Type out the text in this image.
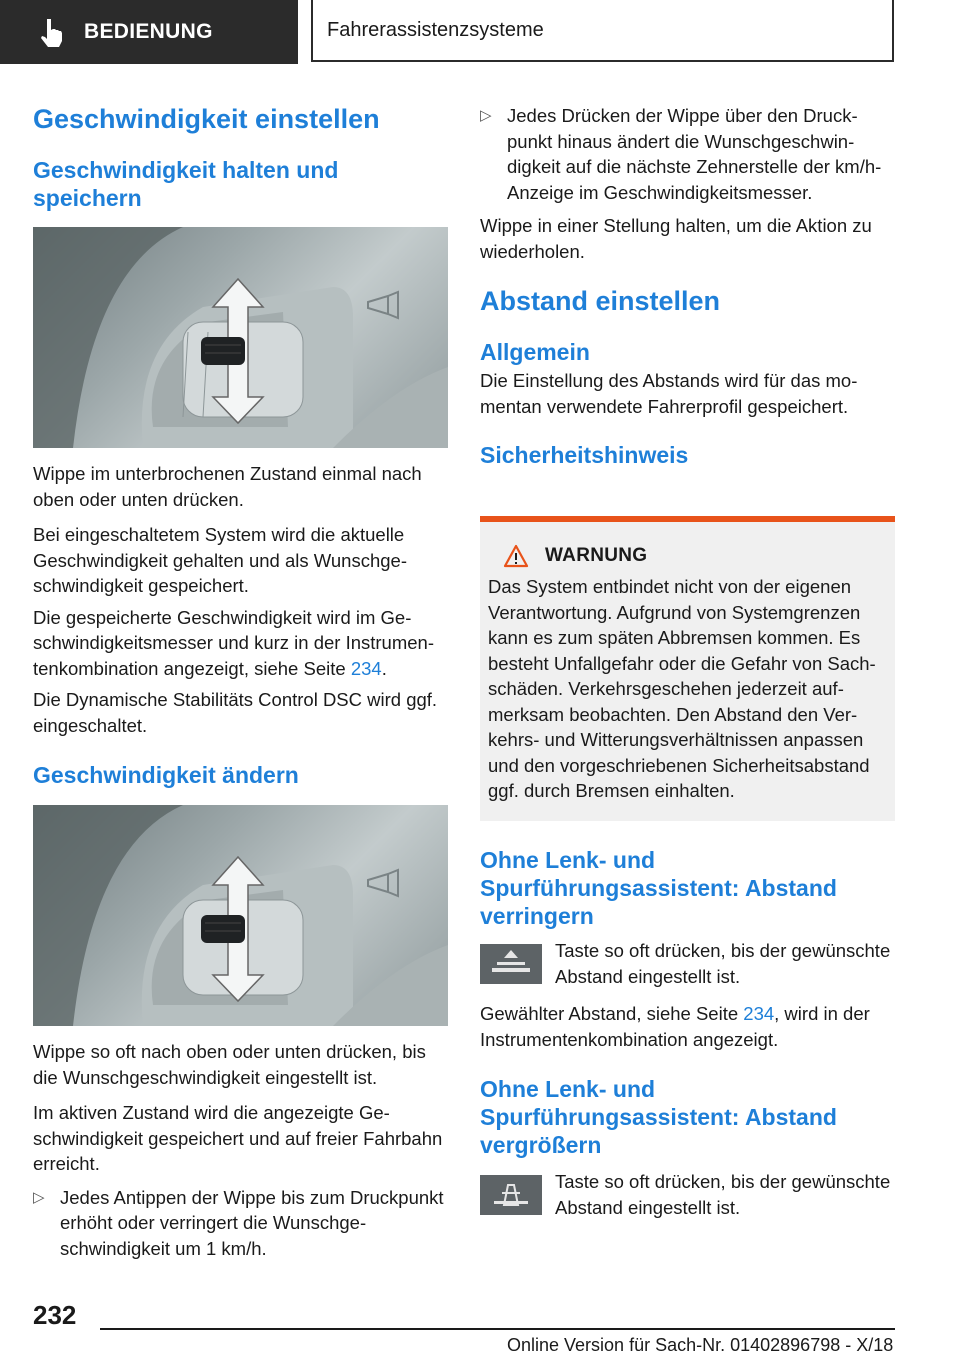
BEDIENUNG	Fahrerassistenzsysteme
Geschwindigkeit einstellen
Geschwindigkeit halten und speichern

Wippe im unterbrochenen Zustand einmal nach oben oder unten drücken.

Bei eingeschaltetem System wird die aktuelle Geschwindigkeit gehalten und als Wunschgeschwindigkeit gespeichert.

Die gespeicherte Geschwindigkeit wird im Geschwindigkeitsmesser und kurz in der Instrumentenkombination angezeigt, siehe Seite 234.

Die Dynamische Stabilitäts Control DSC wird ggf. eingeschaltet.

Geschwindigkeit ändern

Wippe so oft nach oben oder unten drücken, bis die Wunschgeschwindigkeit eingestellt ist.

Im aktiven Zustand wird die angezeigte Geschwindigkeit gespeichert und auf freier Fahrbahn erreicht.

▷ Jedes Antippen der Wippe bis zum Druckpunkt erhöht oder verringert die Wunschgeschwindigkeit um 1 km/h.

▷ Jedes Drücken der Wippe über den Druckpunkt hinaus ändert die Wunschgeschwindigkeit auf die nächste Zehnerstelle der km/h-Anzeige im Geschwindigkeitsmesser.

Wippe in einer Stellung halten, um die Aktion zu wiederholen.

Abstand einstellen
Allgemein

Die Einstellung des Abstands wird für das momentan verwendete Fahrerprofil gespeichert.

Sicherheitshinweis
WARNUNG

Das System entbindet nicht von der eigenen Verantwortung. Aufgrund von Systemgrenzen kann es zum späten Abbremsen kommen. Es besteht Unfallgefahr oder die Gefahr von Sachschäden. Verkehrsgeschehen jederzeit aufmerksam beobachten. Den Abstand den Verkehrs- und Witterungsverhältnissen anpassen und den vorgeschriebenen Sicherheitsabstand ggf. durch Bremsen einhalten.

Ohne Lenk- und Spurführungsassistent: Abstand verringern

Taste so oft drücken, bis der gewünschte Abstand eingestellt ist.

Gewählter Abstand, siehe Seite 234, wird in der Instrumentenkombination angezeigt.

Ohne Lenk- und Spurführungsassistent: Abstand vergrößern

Taste so oft drücken, bis der gewünschte Abstand eingestellt ist.

232
Online Version für Sach-Nr. 01402896798 - X/18
